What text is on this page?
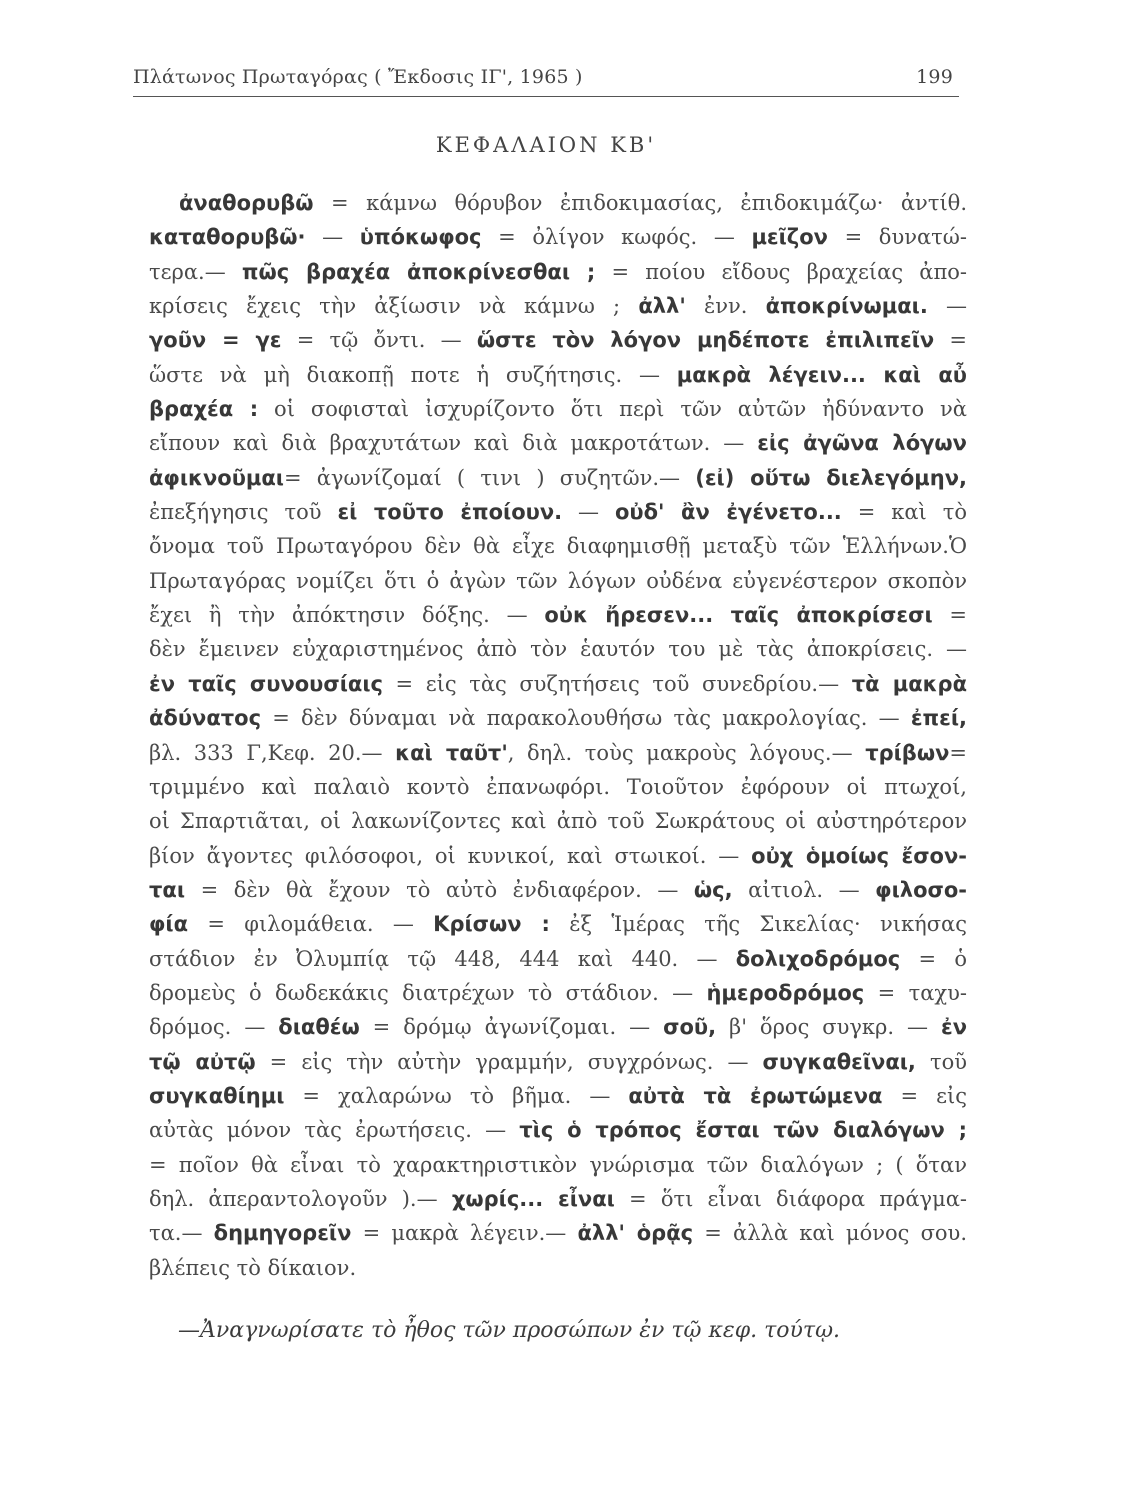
Πλάτωνος Πρωταγόρας ( Ἔκδοσις ΙΓ', 1965 )	199
ΚΕΦΑΛΑΙΟΝ ΚΒ'
ἀναθορυβῶ = κάμνω θόρυβον ἐπιδοκιμασίας, ἐπιδοκιμάζω· ἀντίθ.
καταθορυβῶ· — ὑπόκωφος = ὀλίγον κωφός. — μεῖζον = δυνατώ-
τερα.— πῶς βραχέα ἀποκρίνεσθαι ; = ποίου εἴδους βραχείας ἀπο-
κρίσεις ἔχεις τὴν ἀξίωσιν νὰ κάμνω ; ἀλλ' ἐνν. ἀποκρίνωμαι. —
γοῦν = γε = τῷ ὄντι. — ὥστε τὸν λόγον μηδέποτε ἐπιλιπεῖν =
ὥστε νὰ μὴ διακοπῇ ποτε ἡ συζήτησις. — μακρὰ λέγειν... καὶ αὖ
βραχέα : οἱ σοφισταὶ ἰσχυρίζοντο ὅτι περὶ τῶν αὐτῶν ἠδύναντο νὰ
εἴπουν καὶ διὰ βραχυτάτων καὶ διὰ μακροτάτων. — εἰς ἀγῶνα λόγων
ἀφικνοῦμαι= ἀγωνίζομαί ( τινι ) συζητῶν.— (εἰ) οὕτω διελεγόμην,
ἐπεξήγησις τοῦ εἰ τοῦτο ἐποίουν. — οὐδ' ἂν ἐγένετο... = καὶ τὸ
ὄνομα τοῦ Πρωταγόρου δὲν θὰ εἶχε διαφημισθῇ μεταξὺ τῶν Ἑλλήνων.Ὁ
Πρωταγόρας νομίζει ὅτι ὁ ἀγὼν τῶν λόγων οὐδένα εὐγενέστερον σκοπὸν
ἔχει ἢ τὴν ἀπόκτησιν δόξης. — οὐκ ἤρεσεν... ταῖς ἀποκρίσεσι =
δὲν ἔμεινεν εὐχαριστημένος ἀπὸ τὸν ἑαυτόν του μὲ τὰς ἀποκρίσεις. —
ἐν ταῖς συνουσίαις = εἰς τὰς συζητήσεις τοῦ συνεδρίου.— τὰ μακρὰ
ἀδύνατος = δὲν δύναμαι νὰ παρακολουθήσω τὰς μακρολογίας. — ἐπεί,
βλ. 333 Γ,Κεφ. 20.— καὶ ταῦτ', δηλ. τοὺς μακροὺς λόγους.— τρίβων=
τριμμένο καὶ παλαιὸ κοντὸ ἐπανωφόρι. Τοιοῦτον ἐφόρουν οἱ πτωχοί,
οἱ Σπαρτιᾶται, οἱ λακωνίζοντες καὶ ἀπὸ τοῦ Σωκράτους οἱ αὐστηρότερον
βίον ἄγοντες φιλόσοφοι, οἱ κυνικοί, καὶ στωικοί. — οὐχ ὁμοίως ἔσον-
ται = δὲν θὰ ἔχουν τὸ αὐτὸ ἐνδιαφέρον. — ὡς, αἰτιολ. — φιλοσο-
φία = φιλομάθεια. — Κρίσων : ἐξ Ἱμέρας τῆς Σικελίας· νικήσας
στάδιον ἐν Ὀλυμπίᾳ τῷ 448, 444 καὶ 440. — δολιχοδρόμος = ὁ
δρομεὺς ὁ δωδεκάκις διατρέχων τὸ στάδιον. — ἡμεροδρόμος = ταχυ-
δρόμος. — διαθέω = δρόμῳ ἀγωνίζομαι. — σοῦ, β' ὅρος συγκρ. — ἐν
τῷ αὐτῷ = εἰς τὴν αὐτὴν γραμμήν, συγχρόνως. — συγκαθεῖναι, τοῦ
συγκαθίημι = χαλαρώνω τὸ βῆμα. — αὐτὰ τὰ ἐρωτώμενα = εἰς
αὐτὰς μόνον τὰς ἐρωτήσεις. — τὶς ὁ τρόπος ἔσται τῶν διαλόγων ;
= ποῖον θὰ εἶναι τὸ χαρακτηριστικὸν γνώρισμα τῶν διαλόγων ; ( ὅταν
δηλ. ἀπεραντολογοῦν ).— χωρίς... εἶναι = ὅτι εἶναι διάφορα πράγμα-
τα.— δημηγορεῖν = μακρὰ λέγειν.— ἀλλ' ὁρᾷς = ἀλλὰ καὶ μόνος σου.
βλέπεις τὸ δίκαιον.
—Ἀναγνωρίσατε τὸ ἦθος τῶν προσώπων ἐν τῷ κεφ. τούτῳ.
